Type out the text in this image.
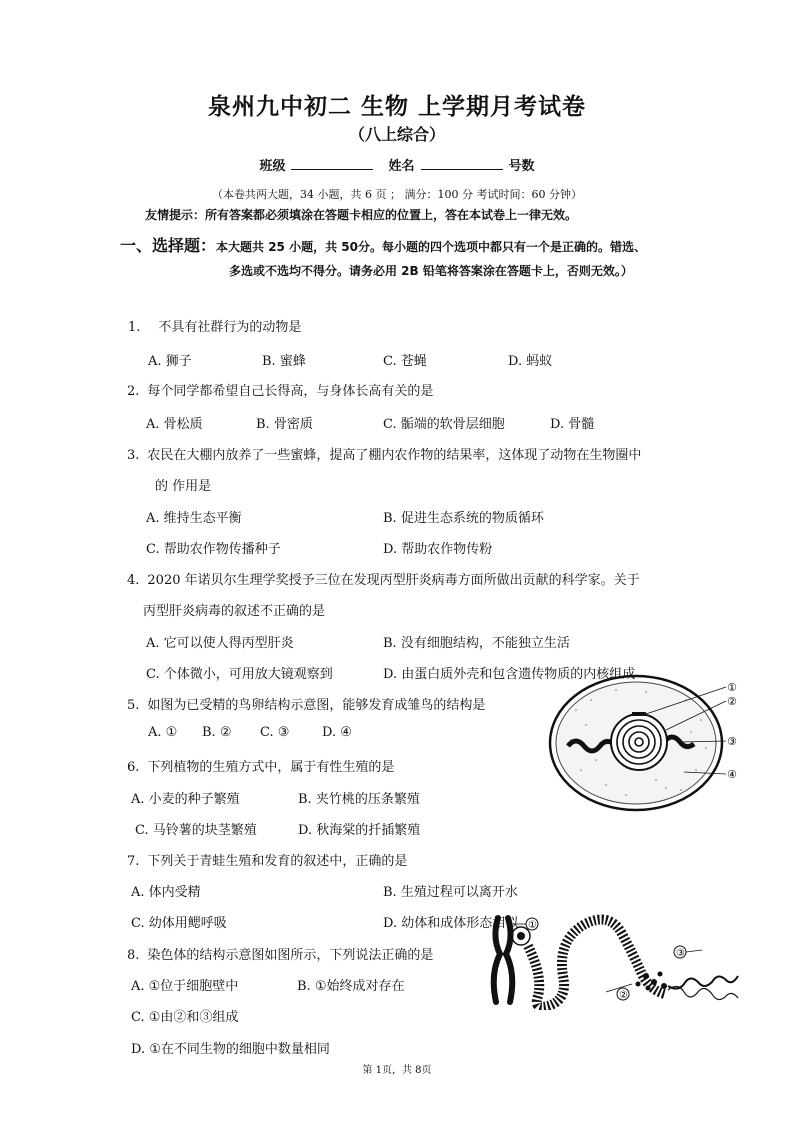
泉州九中初二 生物 上学期月考试卷
（八上综合）
班级	姓名	号数
（本卷共两大题，34 小题，共 6 页 ； 满分：100 分 考试时间：60 分钟）
友情提示：所有答案都必须填涂在答题卡相应的位置上，答在本试卷上一律无效。
一、选择题：本大题共 25 小题，共 50分。每小题的四个选项中都只有一个是正确的。错选、
多选或不选均不得分。请务必用 2B 铅笔将答案涂在答题卡上，否则无效。）
1. 不具有社群行为的动物是
A. 狮子	B. 蜜蜂	C. 苍蝇	D. 蚂蚁
2. 每个同学都希望自己长得高，与身体长高有关的是
A. 骨松质	B. 骨密质	C. 骺端的软骨层细胞	D. 骨髓
3. 农民在大棚内放养了一些蜜蜂，提高了棚内农作物的结果率，这体现了动物在生物圈中
的 作用是
A. 维持生态平衡	B. 促进生态系统的物质循环
C. 帮助农作物传播种子	D. 帮助农作物传粉
4. 2020 年诺贝尔生理学奖授予三位在发现丙型肝炎病毒方面所做出贡献的科学家。关于
丙型肝炎病毒的叙述不正确的是
A. 它可以使人得丙型肝炎	B. 没有细胞结构，不能独立生活
C. 个体微小，可用放大镜观察到	D. 由蛋白质外壳和包含遗传物质的内核组成
5. 如图为已受精的鸟卵结构示意图，能够发育成雏鸟的结构是
A. ① B. ② C. ③	D. ④
6. 下列植物的生殖方式中，属于有性生殖的是
A. 小麦的种子繁殖	B. 夹竹桃的压条繁殖
C. 马铃薯的块茎繁殖	D. 秋海棠的扦插繁殖
7. 下列关于青蛙生殖和发育的叙述中，正确的是
A. 体内受精	B. 生殖过程可以离开水
C. 幼体用鳃呼吸	D. 幼体和成体形态相似
8. 染色体的结构示意图如图所示，下列说法正确的是
A. ①位于细胞壁中	B. ①始终成对存在
C. ①由②和③组成
D. ①在不同生物的细胞中数量相同
①
②
③
④
①
②
③
第 1页，共 8页
